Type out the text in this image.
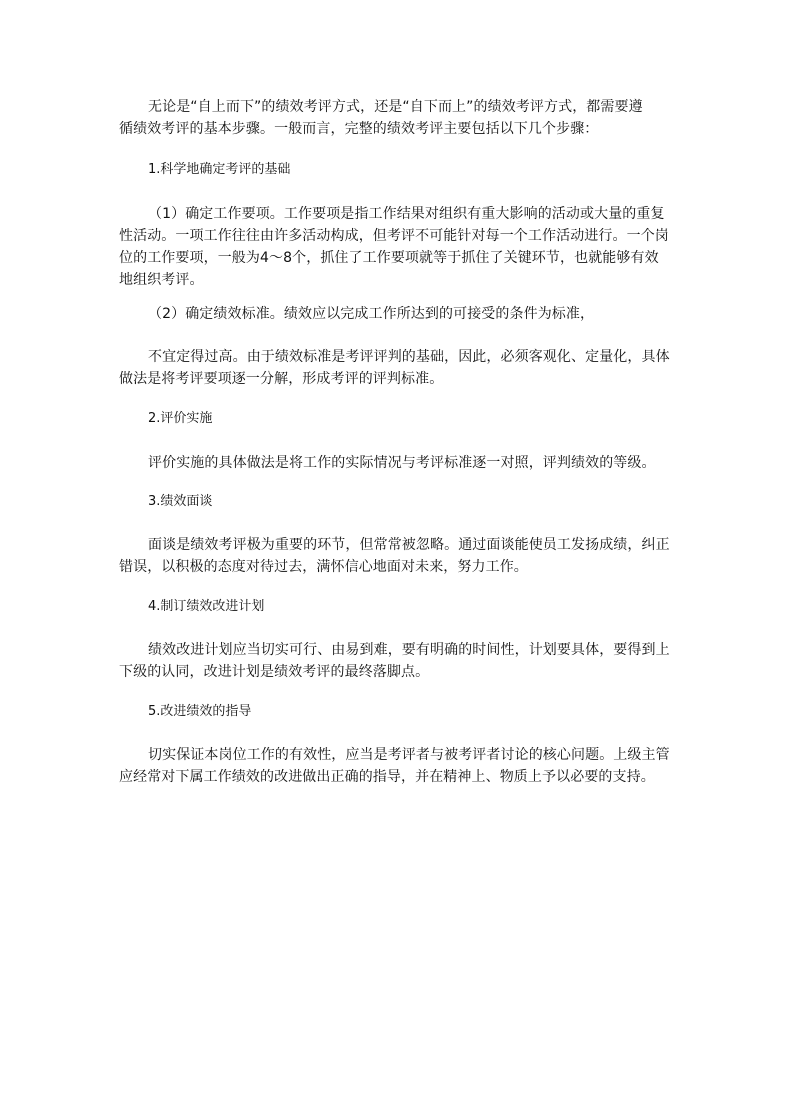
无论是“自上而下”的绩效考评方式，还是“自下而上”的绩效考评方式，都需要遵
循绩效考评的基本步骤。一般而言，完整的绩效考评主要包括以下几个步骤：
1.科学地确定考评的基础
（1）确定工作要项。工作要项是指工作结果对组织有重大影响的活动或大量的重复
性活动。一项工作往往由许多活动构成，但考评不可能针对每一个工作活动进行。一个岗
位的工作要项，一般为4～8个，抓住了工作要项就等于抓住了关键环节，也就能够有效
地组织考评。
（2）确定绩效标准。绩效应以完成工作所达到的可接受的条件为标准，
不宜定得过高。由于绩效标准是考评评判的基础，因此，必须客观化、定量化，具体
做法是将考评要项逐一分解，形成考评的评判标准。
2.评价实施
评价实施的具体做法是将工作的实际情况与考评标准逐一对照，评判绩效的等级。
3.绩效面谈
面谈是绩效考评极为重要的环节，但常常被忽略。通过面谈能使员工发扬成绩，纠正
错误，以积极的态度对待过去，满怀信心地面对未来，努力工作。
4.制订绩效改进计划
绩效改进计划应当切实可行、由易到难，要有明确的时间性，计划要具体，要得到上
下级的认同，改进计划是绩效考评的最终落脚点。
5.改进绩效的指导
切实保证本岗位工作的有效性，应当是考评者与被考评者讨论的核心问题。上级主管
应经常对下属工作绩效的改进做出正确的指导，并在精神上、物质上予以必要的支持。
